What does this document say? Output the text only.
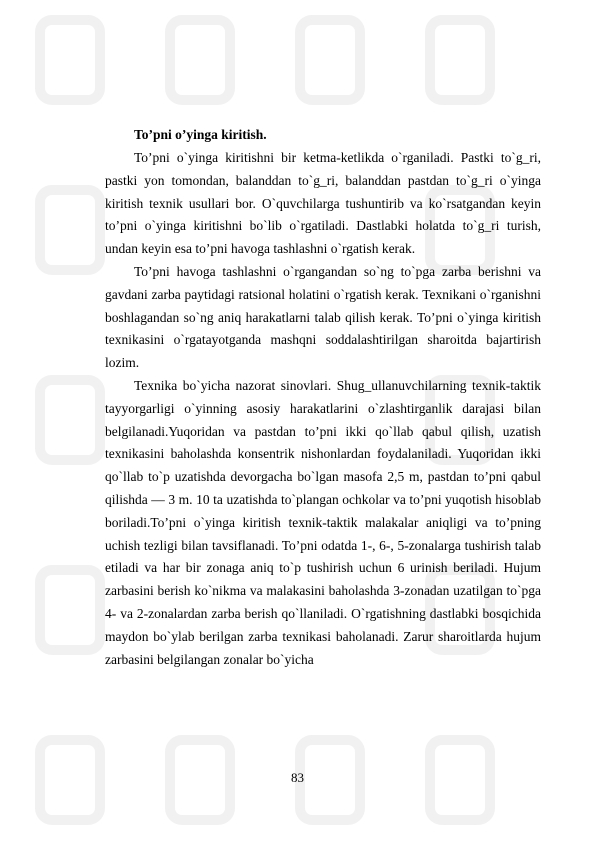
To’pni o’yinga kiritish.

To’pni o`yinga kiritishni bir ketma-ketlikda o`rganiladi. Pastki to`g_ri, pastki yon tomondan, balanddan to`g_ri, balanddan pastdan to`g_ri o`yinga kiritish texnik usullari bor. O`quvchilarga tushuntirib va ko`rsatgandan keyin to’pni o`yinga kiritishni bo`lib o`rgatiladi. Dastlabki holatda to`g_ri turish, undan keyin esa to’pni havoga tashlashni o`rgatish kerak.

To’pni havoga tashlashni o`rgangandan so`ng to`pga zarba berishni va gavdani zarba paytidagi ratsional holatini o`rgatish kerak. Texnikani o`rganishni boshlagandan so`ng aniq harakatlarni talab qilish kerak. To’pni o`yinga kiritish texnikasini o`rgatayotganda mashqni soddalashtirilgan sharoitda bajartirish lozim.

Texnika bo`yicha nazorat sinovlari. Shug_ullanuvchilarning texnik-taktik tayyorgarligi o`yinning asosiy harakatlarini o`zlashtirganlik darajasi bilan belgilanadi.Yuqoridan va pastdan to’pni ikki qo`llab qabul qilish, uzatish texnikasini baholashda konsentrik nishonlardan foydalaniladi. Yuqoridan ikki qo`llab to`p uzatishda devorgacha bo`lgan masofa 2,5 m, pastdan to’pni qabul qilishda — 3 m. 10 ta uzatishda to`plangan ochkolar va to’pni yuqotish hisoblab boriladi.To’pni o`yinga kiritish texnik-taktik malakalar aniqligi va to’pning uchish tezligi bilan tavsiflanadi. To’pni odatda 1-, 6-, 5-zonalarga tushirish talab etiladi va har bir zonaga aniq to`p tushirish uchun 6 urinish beriladi. Hujum zarbasini berish ko`nikma va malakasini baholashda 3-zonadan uzatilgan to`pga 4- va 2-zonalardan zarba berish qo`llaniladi. O`rgatishning dastlabki bosqichida maydon bo`ylab berilgan zarba texnikasi baholanadi. Zarur sharoitlarda hujum zarbasini belgilangan zonalar bo`yicha

83
